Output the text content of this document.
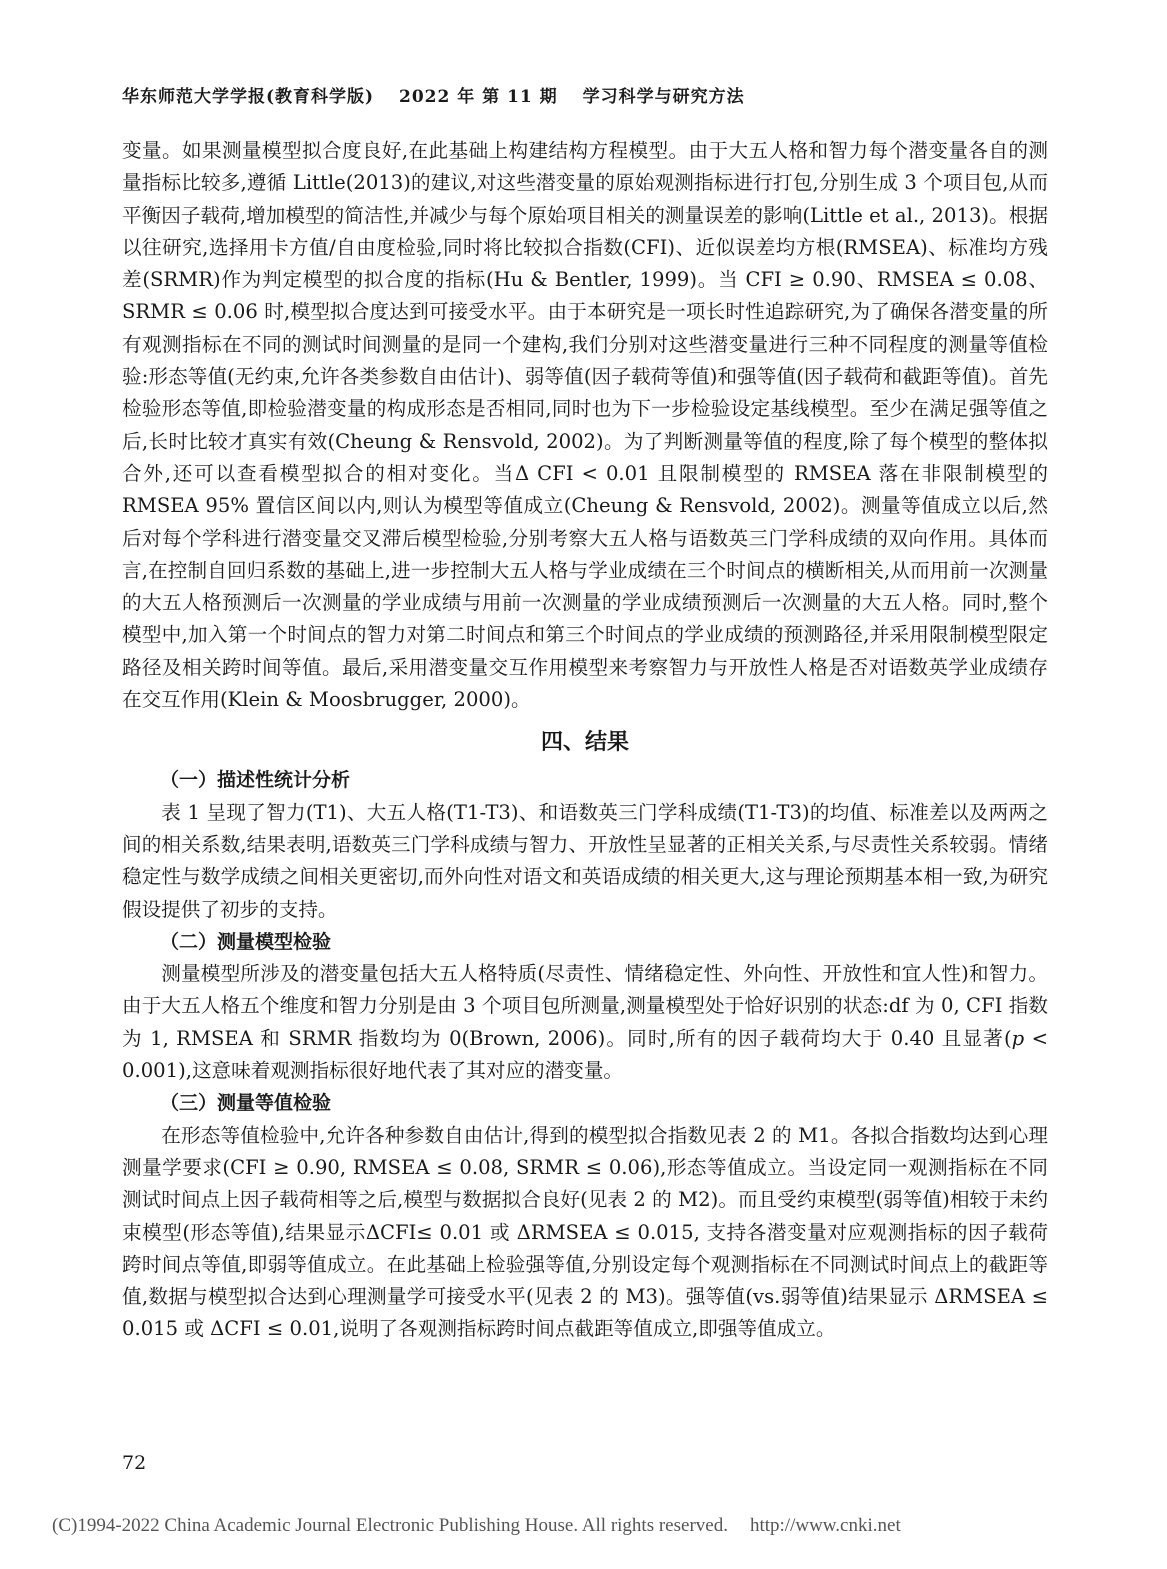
华东师范大学学报(教育科学版) 2022 年 第 11 期 学习科学与研究方法

变量。如果测量模型拟合度良好,在此基础上构建结构方程模型。由于大五人格和智力每个潜变量各自的测量指标比较多,遵循 Little(2013)的建议,对这些潜变量的原始观测指标进行打包,分别生成 3 个项目包,从而平衡因子载荷,增加模型的简洁性,并减少与每个原始项目相关的测量误差的影响(Little et al., 2013)。根据以往研究,选择用卡方值/自由度检验,同时将比较拟合指数(CFI)、近似误差均方根(RMSEA)、标准均方残差(SRMR)作为判定模型的拟合度的指标(Hu & Bentler, 1999)。当 CFI ≥ 0.90、RMSEA ≤ 0.08、SRMR ≤ 0.06 时,模型拟合度达到可接受水平。由于本研究是一项长时性追踪研究,为了确保各潜变量的所有观测指标在不同的测试时间测量的是同一个建构,我们分别对这些潜变量进行三种不同程度的测量等值检验:形态等值(无约束,允许各类参数自由估计)、弱等值(因子载荷等值)和强等值(因子载荷和截距等值)。首先检验形态等值,即检验潜变量的构成形态是否相同,同时也为下一步检验设定基线模型。至少在满足强等值之后,长时比较才真实有效(Cheung & Rensvold, 2002)。为了判断测量等值的程度,除了每个模型的整体拟合外,还可以查看模型拟合的相对变化。当Δ CFI < 0.01 且限制模型的 RMSEA 落在非限制模型的 RMSEA 95% 置信区间以内,则认为模型等值成立(Cheung & Rensvold, 2002)。测量等值成立以后,然后对每个学科进行潜变量交叉滞后模型检验,分别考察大五人格与语数英三门学科成绩的双向作用。具体而言,在控制自回归系数的基础上,进一步控制大五人格与学业成绩在三个时间点的横断相关,从而用前一次测量的大五人格预测后一次测量的学业成绩与用前一次测量的学业成绩预测后一次测量的大五人格。同时,整个模型中,加入第一个时间点的智力对第二时间点和第三个时间点的学业成绩的预测路径,并采用限制模型限定路径及相关跨时间等值。最后,采用潜变量交互作用模型来考察智力与开放性人格是否对语数英学业成绩存在交互作用(Klein & Moosbrugger, 2000)。

四、结果

（一）描述性统计分析

表 1 呈现了智力(T1)、大五人格(T1-T3)、和语数英三门学科成绩(T1-T3)的均值、标准差以及两两之间的相关系数,结果表明,语数英三门学科成绩与智力、开放性呈显著的正相关关系,与尽责性关系较弱。情绪稳定性与数学成绩之间相关更密切,而外向性对语文和英语成绩的相关更大,这与理论预期基本相一致,为研究假设提供了初步的支持。

（二）测量模型检验

测量模型所涉及的潜变量包括大五人格特质(尽责性、情绪稳定性、外向性、开放性和宜人性)和智力。由于大五人格五个维度和智力分别是由 3 个项目包所测量,测量模型处于恰好识别的状态:df 为 0, CFI 指数为 1, RMSEA 和 SRMR 指数均为 0(Brown, 2006)。同时,所有的因子载荷均大于 0.40 且显著(p < 0.001),这意味着观测指标很好地代表了其对应的潜变量。

（三）测量等值检验

在形态等值检验中,允许各种参数自由估计,得到的模型拟合指数见表 2 的 M1。各拟合指数均达到心理测量学要求(CFI ≥ 0.90, RMSEA ≤ 0.08, SRMR ≤ 0.06),形态等值成立。当设定同一观测指标在不同测试时间点上因子载荷相等之后,模型与数据拟合良好(见表 2 的 M2)。而且受约束模型(弱等值)相较于未约束模型(形态等值),结果显示ΔCFI≤ 0.01 或 ΔRMSEA ≤ 0.015, 支持各潜变量对应观测指标的因子载荷跨时间点等值,即弱等值成立。在此基础上检验强等值,分别设定每个观测指标在不同测试时间点上的截距等值,数据与模型拟合达到心理测量学可接受水平(见表 2 的 M3)。强等值(vs.弱等值)结果显示 ΔRMSEA ≤ 0.015 或 ΔCFI ≤ 0.01,说明了各观测指标跨时间点截距等值成立,即强等值成立。

72
(C)1994-2022 China Academic Journal Electronic Publishing House. All rights reserved. http://www.cnki.net
